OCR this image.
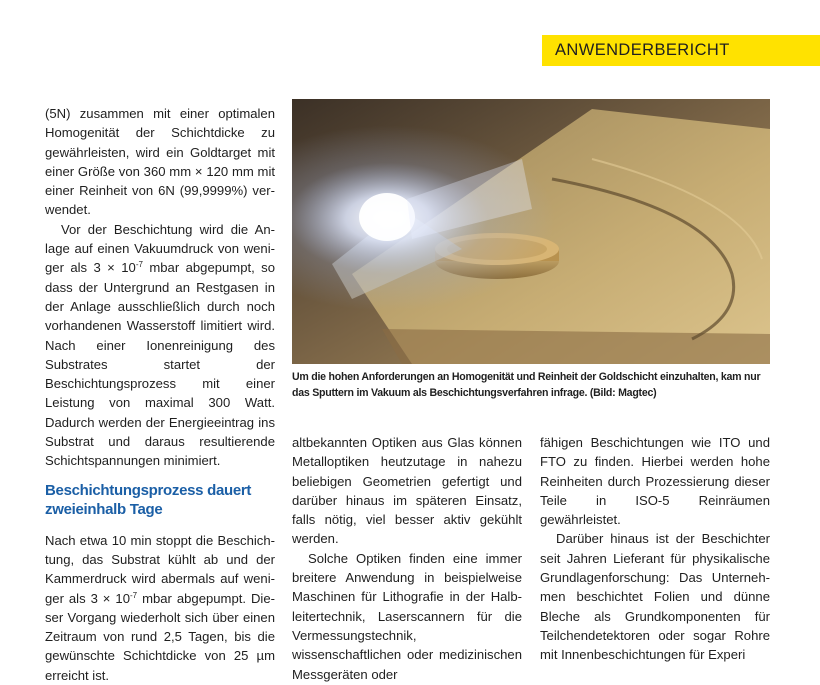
ANWENDERBERICHT

(5N) zusammen mit einer optimalen Homogenität der Schichtdicke zu gewährleisten, wird ein Goldtarget mit einer Größe von 360 mm × 120 mm mit einer Reinheit von 6N (99,9999%) verwendet.

Vor der Beschichtung wird die Anlage auf einen Vakuumdruck von weniger als $3 \times 10^{-7}$ mbar abgepumpt, so dass der Untergrund an Restgasen in der Anlage ausschließlich durch noch vorhandenen Wasserstoff limitiert wird. Nach einer Ionenreinigung des Substrates startet der Beschichtungsprozess mit einer Leistung von maximal 300 Watt. Dadurch werden der Energieeintrag ins Substrat und daraus resultierende Schichtspannungen minimiert.

Beschichtungsprozess dauert zweieinhalb Tage

Nach etwa 10 min stoppt die Beschichtung, das Substrat kühlt ab und der Kammerdruck wird abermals auf weniger als $3 \times 10^{-7}$ mbar abgepumpt. Dieser Vorgang wiederholt sich über einen Zeitraum von rund 2,5 Tagen, bis die gewünschte Schichtdicke von 25 µm erreicht ist.

Um die hohen Anforderungen an Homogenität und Reinheit der Goldschicht einzuhalten, kam nur das Sputtern im Vakuum als Beschichtungsverfahren infrage. (Bild: Magtec)

altbekannten Optiken aus Glas können Metalloptiken heutzutage in nahezu beliebigen Geometrien gefertigt und darüber hinaus im späteren Einsatz, falls nötig, viel besser aktiv gekühlt werden.

Solche Optiken finden eine immer breitere Anwendung in beispielweise Maschinen für Lithografie in der Halbleitertechnik, Laserscannern für die Vermessungstechnik, wissenschaftlichen oder medizinischen Messgeräten oder

fähigen Beschichtungen wie ITO und FTO zu finden. Hierbei werden hohe Reinheiten durch Prozessierung dieser Teile in ISO-5 Reinräumen gewährleistet.

Darüber hinaus ist der Beschichter seit Jahren Lieferant für physikalische Grundlagenforschung: Das Unternehmen beschichtet Folien und dünne Bleche als Grundkomponenten für Teilchendetektoren oder sogar Rohre mit Innenbeschichtungen für Experi
